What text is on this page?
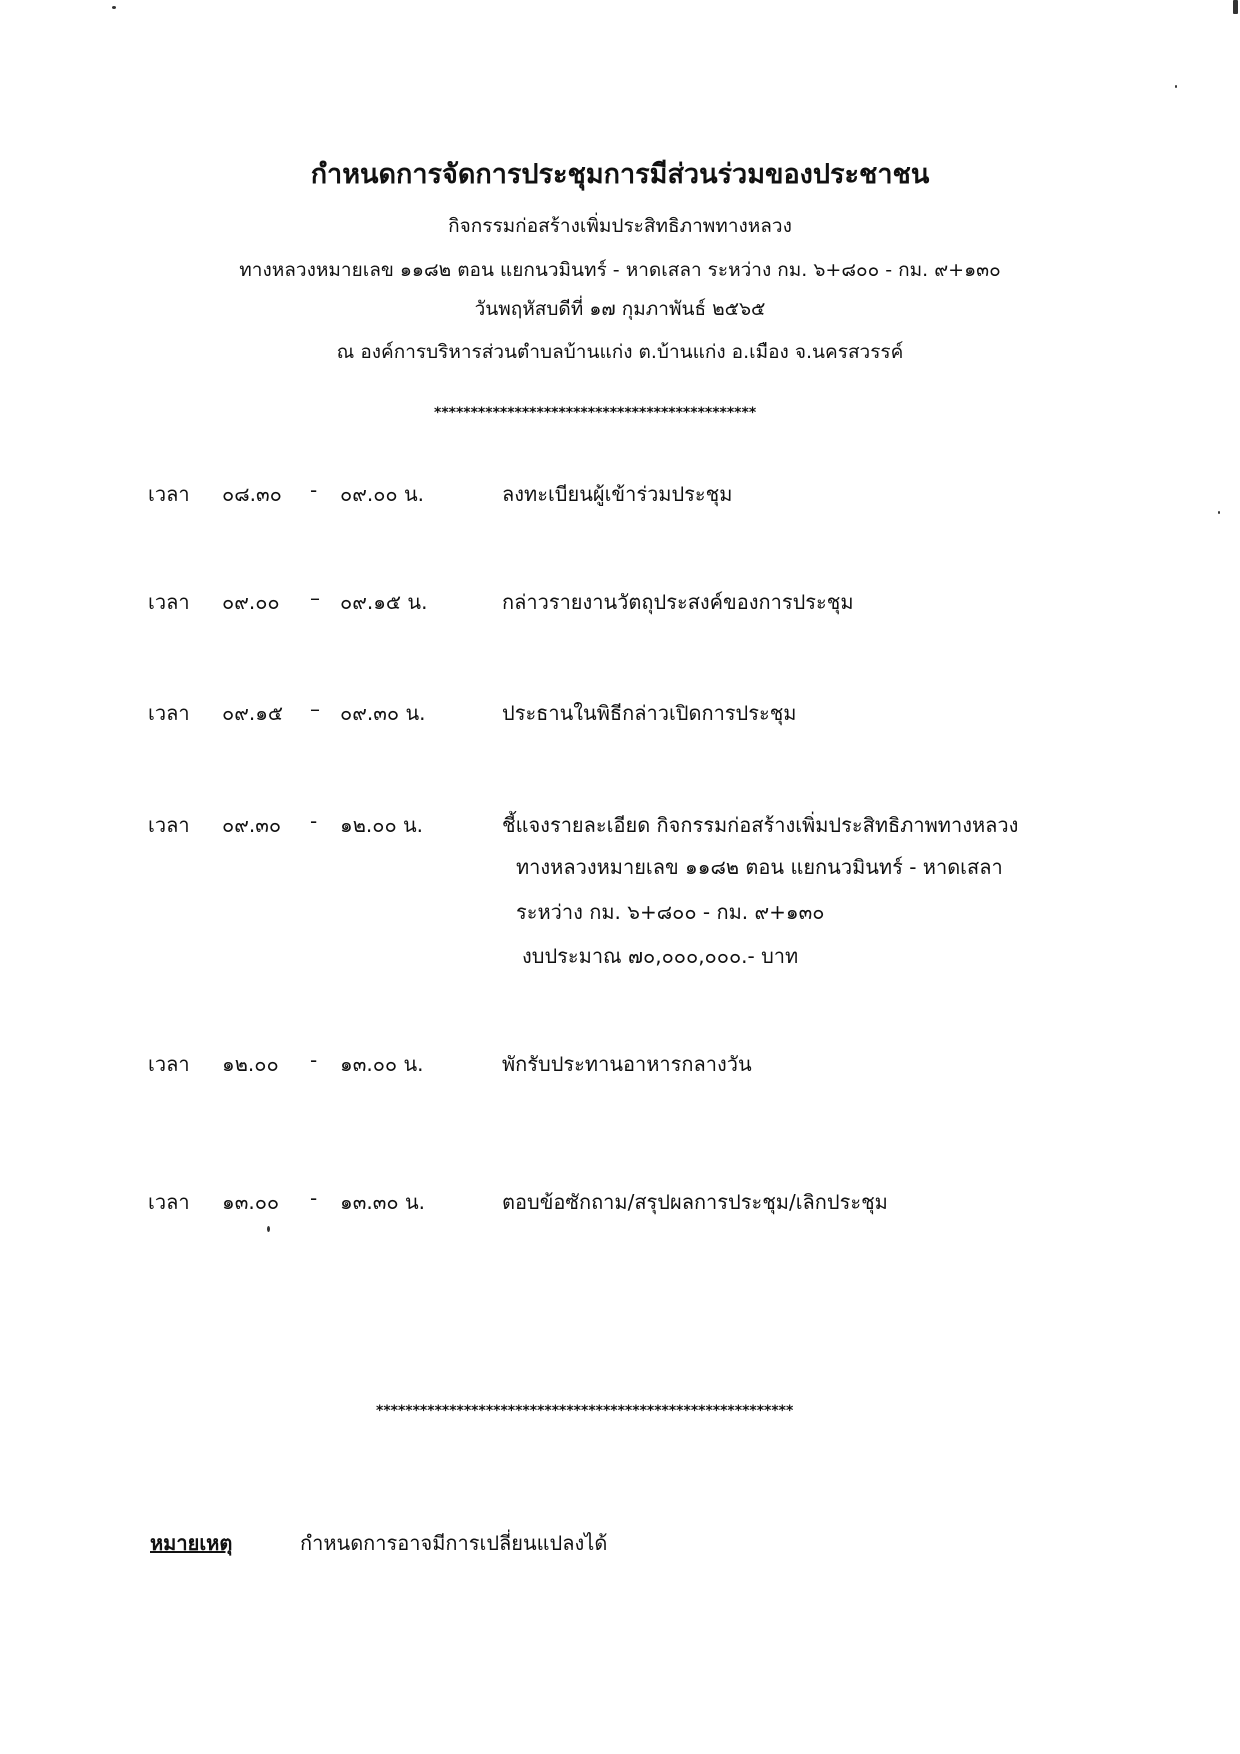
กำหนดการจัดการประชุมการมีส่วนร่วมของประชาชน
กิจกรรมก่อสร้างเพิ่มประสิทธิภาพทางหลวง
ทางหลวงหมายเลข ๑๑๘๒ ตอน แยกนวมินทร์ - หาดเสลา ระหว่าง กม. ๖+๘๐๐ - กม. ๙+๑๓๐
วันพฤหัสบดีที่ ๑๗ กุมภาพันธ์ ๒๕๖๕
ณ องค์การบริหารส่วนตำบลบ้านแก่ง ต.บ้านแก่ง อ.เมือง จ.นครสวรรค์
********************************************
เวลา ๐๘.๓๐ - ๐๙.๐๐ น.	ลงทะเบียนผู้เข้าร่วมประชุม
เวลา ๐๙.๐๐ – ๐๙.๑๕ น.	กล่าวรายงานวัตถุประสงค์ของการประชุม
เวลา ๐๙.๑๕ – ๐๙.๓๐ น.	ประธานในพิธีกล่าวเปิดการประชุม
เวลา ๐๙.๓๐ - ๑๒.๐๐ น.	ชี้แจงรายละเอียด กิจกรรมก่อสร้างเพิ่มประสิทธิภาพทางหลวง
ทางหลวงหมายเลข ๑๑๘๒ ตอน แยกนวมินทร์ - หาดเสลา
ระหว่าง กม. ๖+๘๐๐ - กม. ๙+๑๓๐
งบประมาณ ๗๐,๐๐๐,๐๐๐.- บาท
เวลา ๑๒.๐๐ - ๑๓.๐๐ น.	พักรับประทานอาหารกลางวัน
เวลา ๑๓.๐๐ - ๑๓.๓๐ น.	ตอบข้อซักถาม/สรุปผลการประชุม/เลิกประชุม
*********************************************************
หมายเหตุ	กำหนดการอาจมีการเปลี่ยนแปลงได้
